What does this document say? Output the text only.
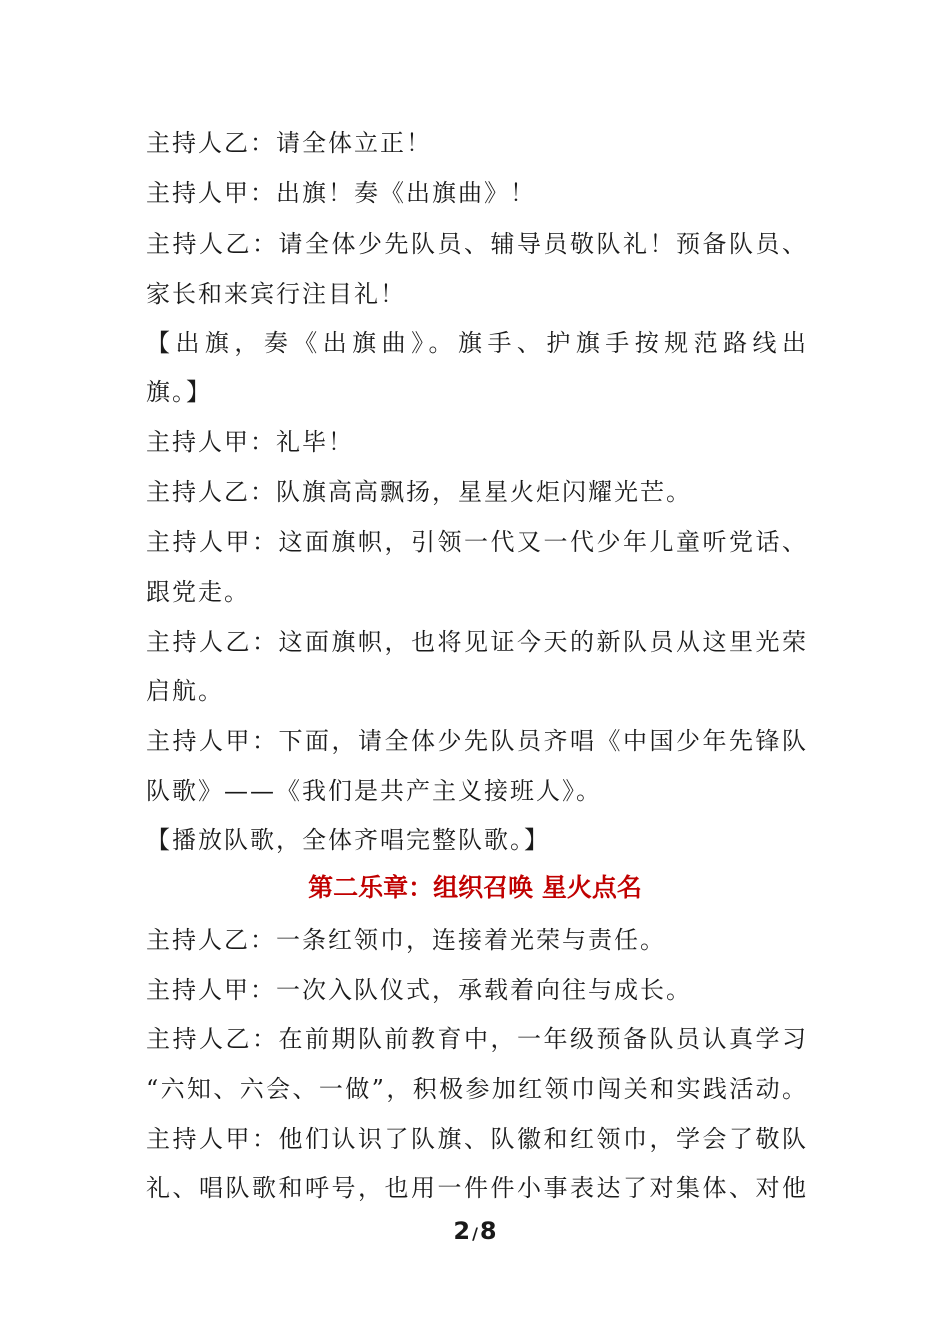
主持人乙：请全体立正！
主持人甲：出旗！奏《出旗曲》！
主持人乙：请全体少先队员、辅导员敬队礼！预备队员、
家长和来宾行注目礼！
【出旗，奏《出旗曲》。旗手、护旗手按规范路线出
旗。】
主持人甲：礼毕！
主持人乙：队旗高高飘扬，星星火炬闪耀光芒。
主持人甲：这面旗帜，引领一代又一代少年儿童听党话、
跟党走。
主持人乙：这面旗帜，也将见证今天的新队员从这里光荣
启航。
主持人甲：下面，请全体少先队员齐唱《中国少年先锋队
队歌》——《我们是共产主义接班人》。
【播放队歌，全体齐唱完整队歌。】
第二乐章：组织召唤 星火点名
主持人乙：一条红领巾，连接着光荣与责任。
主持人甲：一次入队仪式，承载着向往与成长。
主持人乙：在前期队前教育中，一年级预备队员认真学习
“六知、六会、一做”，积极参加红领巾闯关和实践活动。
主持人甲：他们认识了队旗、队徽和红领巾，学会了敬队
礼、唱队歌和呼号，也用一件件小事表达了对集体、对他
2 /8
